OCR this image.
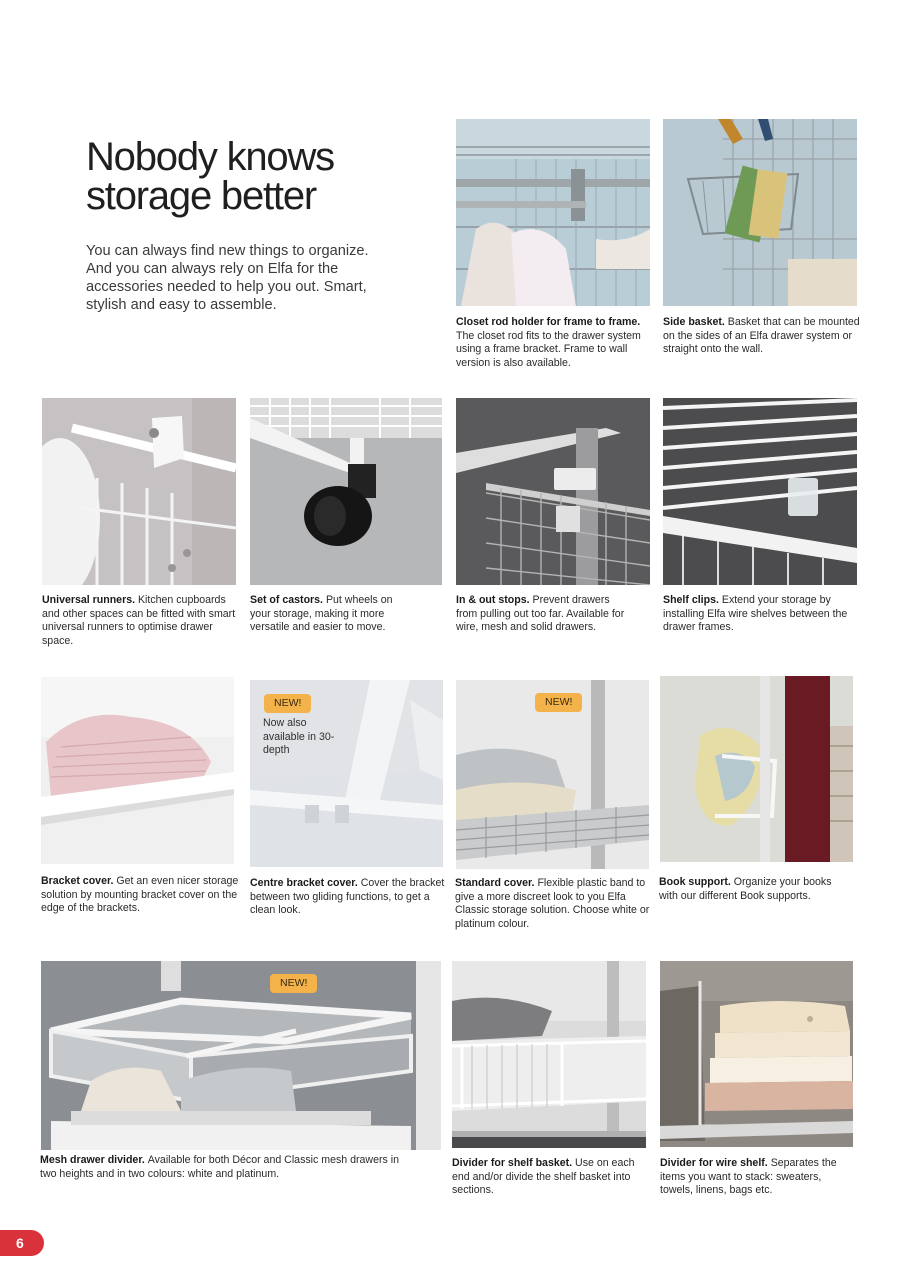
Nobody knows
storage better

You can always find new things to organize. And you can always rely on Elfa for the accessories needed to help you out. Smart, stylish and easy to assemble.

Closet rod holder for frame to frame. The closet rod fits to the drawer system using a frame bracket. Frame to wall version is also available.

Side basket. Basket that can be mounted on the sides of an Elfa drawer system or straight onto the wall.

Universal runners. Kitchen cupboards and other spaces can be fitted with smart universal runners to optimise drawer space.

Set of castors. Put wheels on your storage, making it more versatile and easier to move.

In & out stops. Prevent drawers from pulling out too far. Available for wire, mesh and solid drawers.

Shelf clips. Extend your storage by installing Elfa wire shelves between the drawer frames.

Bracket cover. Get an even nicer storage solution by mounting bracket cover on the edge of the brackets.

NEW!

Now also available in 30-depth

Centre bracket cover. Cover the bracket between two gliding functions, to get a clean look.

NEW!

Standard cover. Flexible plastic band to give a more discreet look to you Elfa Classic storage solution. Choose white or platinum colour.

Book support. Organize your books with our different Book supports.

NEW!

Mesh drawer divider. Available for both Décor and Classic mesh drawers in two heights and in two colours: white and platinum.

Divider for shelf basket. Use on each end and/or divide the shelf basket into sections.

Divider for wire shelf. Separates the items you want to stack: sweaters, towels, linens, bags etc.

6
